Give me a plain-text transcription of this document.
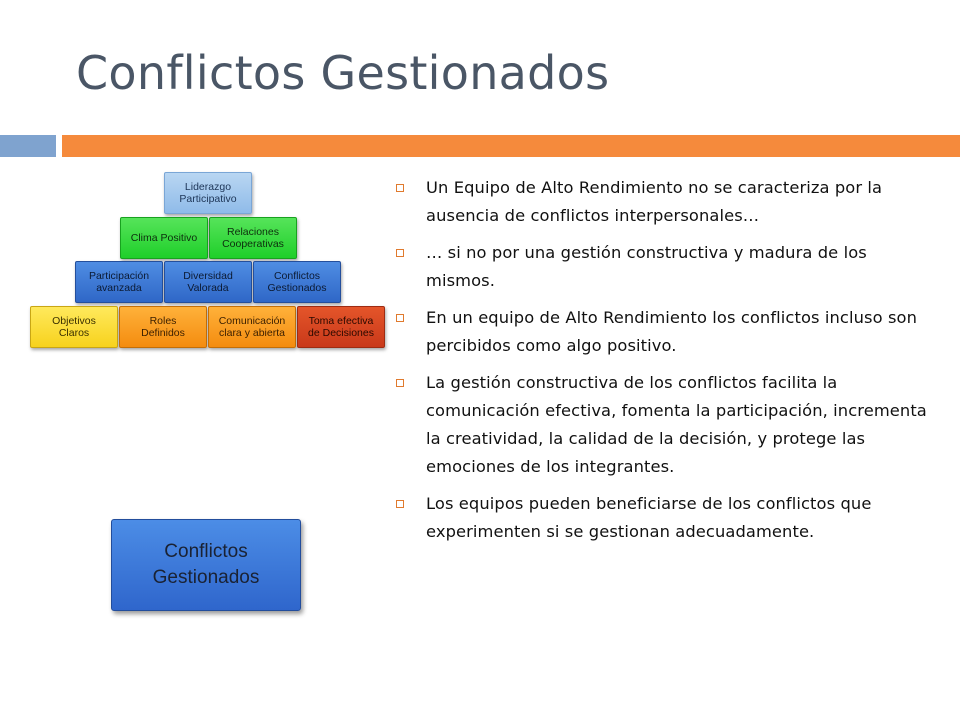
Conflictos Gestionados
Liderazgo
Participativo
Clima Positivo	Relaciones
Cooperativas
Participación
avanzada
Diversidad
Valorada
Conflictos
Gestionados
Objetivos
Claros
Roles
Definidos
Comunicación
clara y abierta
Toma efectiva
de Decisiones
Conflictos
Gestionados
Un Equipo de Alto Rendimiento no se caracteriza por la ausencia de conflictos interpersonales…
… si no por una gestión constructiva y madura de los mismos.
En un equipo de Alto Rendimiento los conflictos incluso son percibidos como algo positivo.
La gestión constructiva de los conflictos facilita la comunicación efectiva, fomenta la participación, incrementa la creatividad, la calidad de la decisión, y protege las emociones de los integrantes.
Los equipos pueden beneficiarse de los conflictos que experimenten si se gestionan adecuadamente.
